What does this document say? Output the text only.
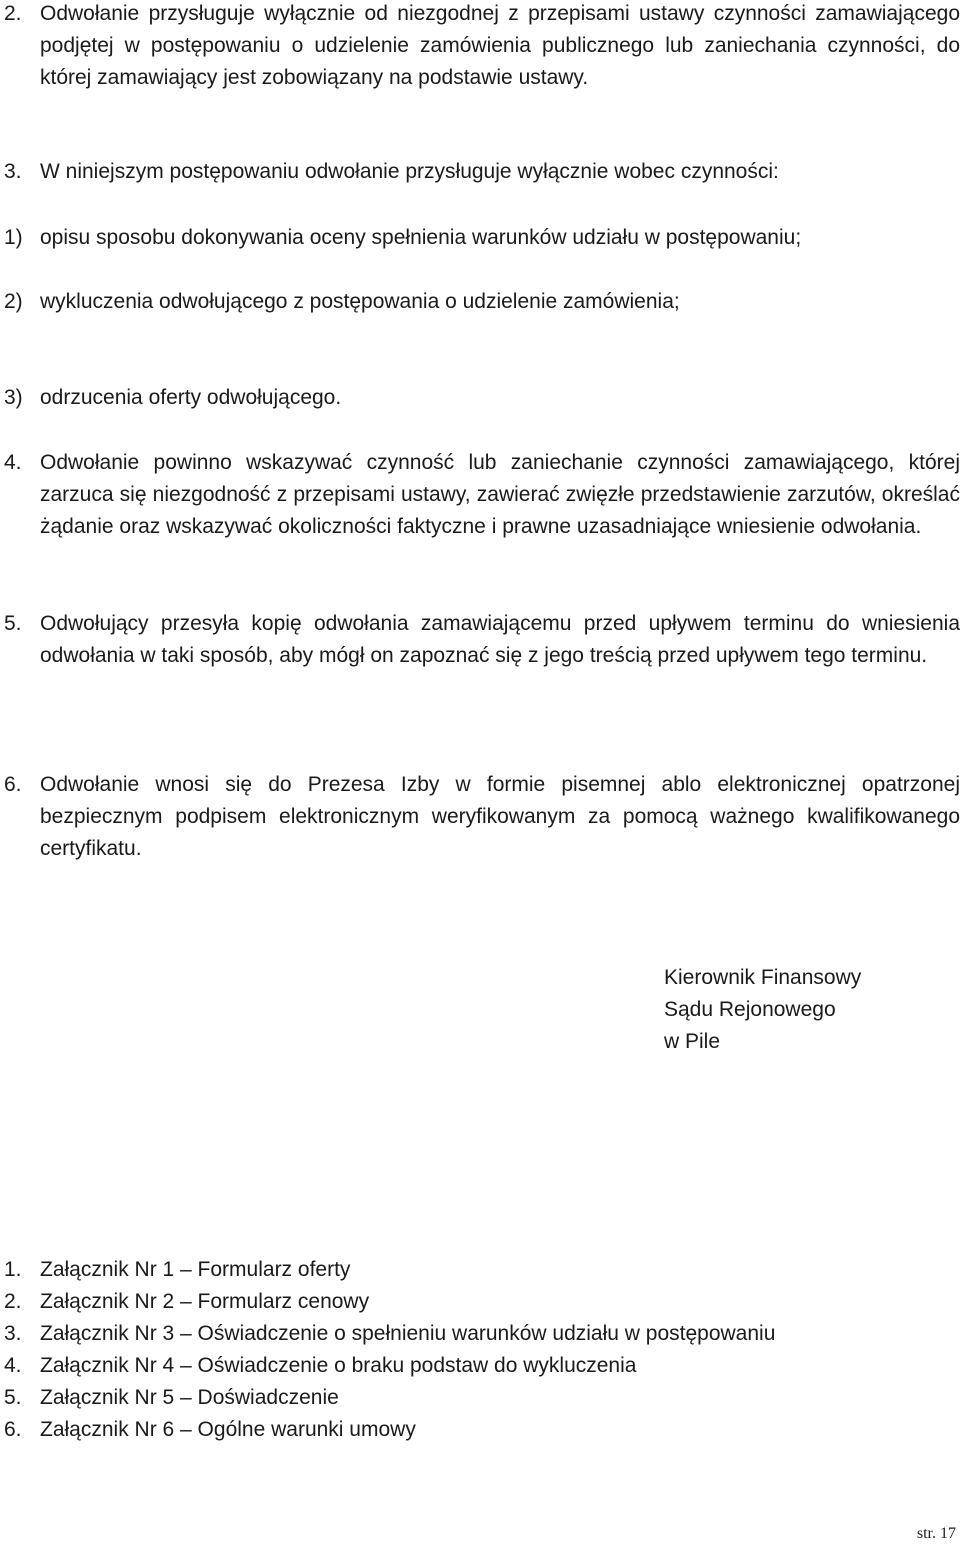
2. Odwołanie przysługuje wyłącznie od niezgodnej z przepisami ustawy czynności zamawiającego podjętej w postępowaniu o udzielenie zamówienia publicznego lub zaniechania czynności, do której zamawiający jest zobowiązany na podstawie ustawy.
3. W niniejszym postępowaniu odwołanie przysługuje wyłącznie wobec czynności:
1) opisu sposobu dokonywania oceny spełnienia warunków udziału w postępowaniu;
2) wykluczenia odwołującego z postępowania o udzielenie zamówienia;
3) odrzucenia oferty odwołującego.
4. Odwołanie powinno wskazywać czynność lub zaniechanie czynności zamawiającego, której zarzuca się niezgodność z przepisami ustawy, zawierać zwięzłe przedstawienie zarzutów, określać żądanie oraz wskazywać okoliczności faktyczne i prawne uzasadniające wniesienie odwołania.
5. Odwołujący przesyła kopię odwołania zamawiającemu przed upływem terminu do wniesienia odwołania w taki sposób, aby mógł on zapoznać się z jego treścią przed upływem tego terminu.
6. Odwołanie wnosi się do Prezesa Izby w formie pisemnej ablo elektronicznej opatrzonej bezpiecznym podpisem elektronicznym weryfikowanym za pomocą ważnego kwalifikowanego certyfikatu.
Kierownik Finansowy
Sądu Rejonowego
w Pile
1. Załącznik Nr 1 – Formularz oferty
2. Załącznik Nr 2 – Formularz cenowy
3. Załącznik Nr 3 – Oświadczenie o spełnieniu warunków udziału w postępowaniu
4. Załącznik Nr 4 – Oświadczenie o braku podstaw do wykluczenia
5. Załącznik Nr 5 – Doświadczenie
6. Załącznik Nr 6 – Ogólne warunki umowy
str. 17
